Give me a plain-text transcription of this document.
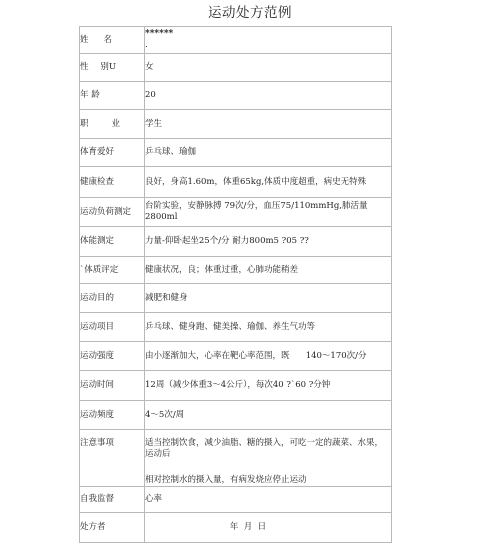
运动处方范例
姓 名	******
.

性 别U	女
年 龄	20

职 业	学生
体育爱好	乒乓球、瑜伽
健康检查	良好，身高1.60m，体重65kg,体质中度超重，病史无特殊
运动负荷测定	台阶实验，安静脉搏 79次/分，血压75/110mmHg,肺活量2800ml
体能测定	力量-仰卧起坐25个/分 耐力800m5 ?05 ??
`体质评定	健康状况，良；体重过重，心肺功能稍差
运动目的	减肥和健身
运动项目	乒乓球、健身跑、健美操、瑜伽、养生气功等
运动强度	由小逐渐加大，心率在靶心率范围，既      140～170次/分
运动时间	12周（减少体重3～4公斤），每次40 ?`60 ?分钟
运动频度	4～5次/周
注意事项	适当控制饮食，减少油脂、糖的摄入，可吃一定的蔬菜、水果，运动后
相对控制水的摄入量，有病发烧应停止运动

自我监督	心率
处方者	年  月  日
